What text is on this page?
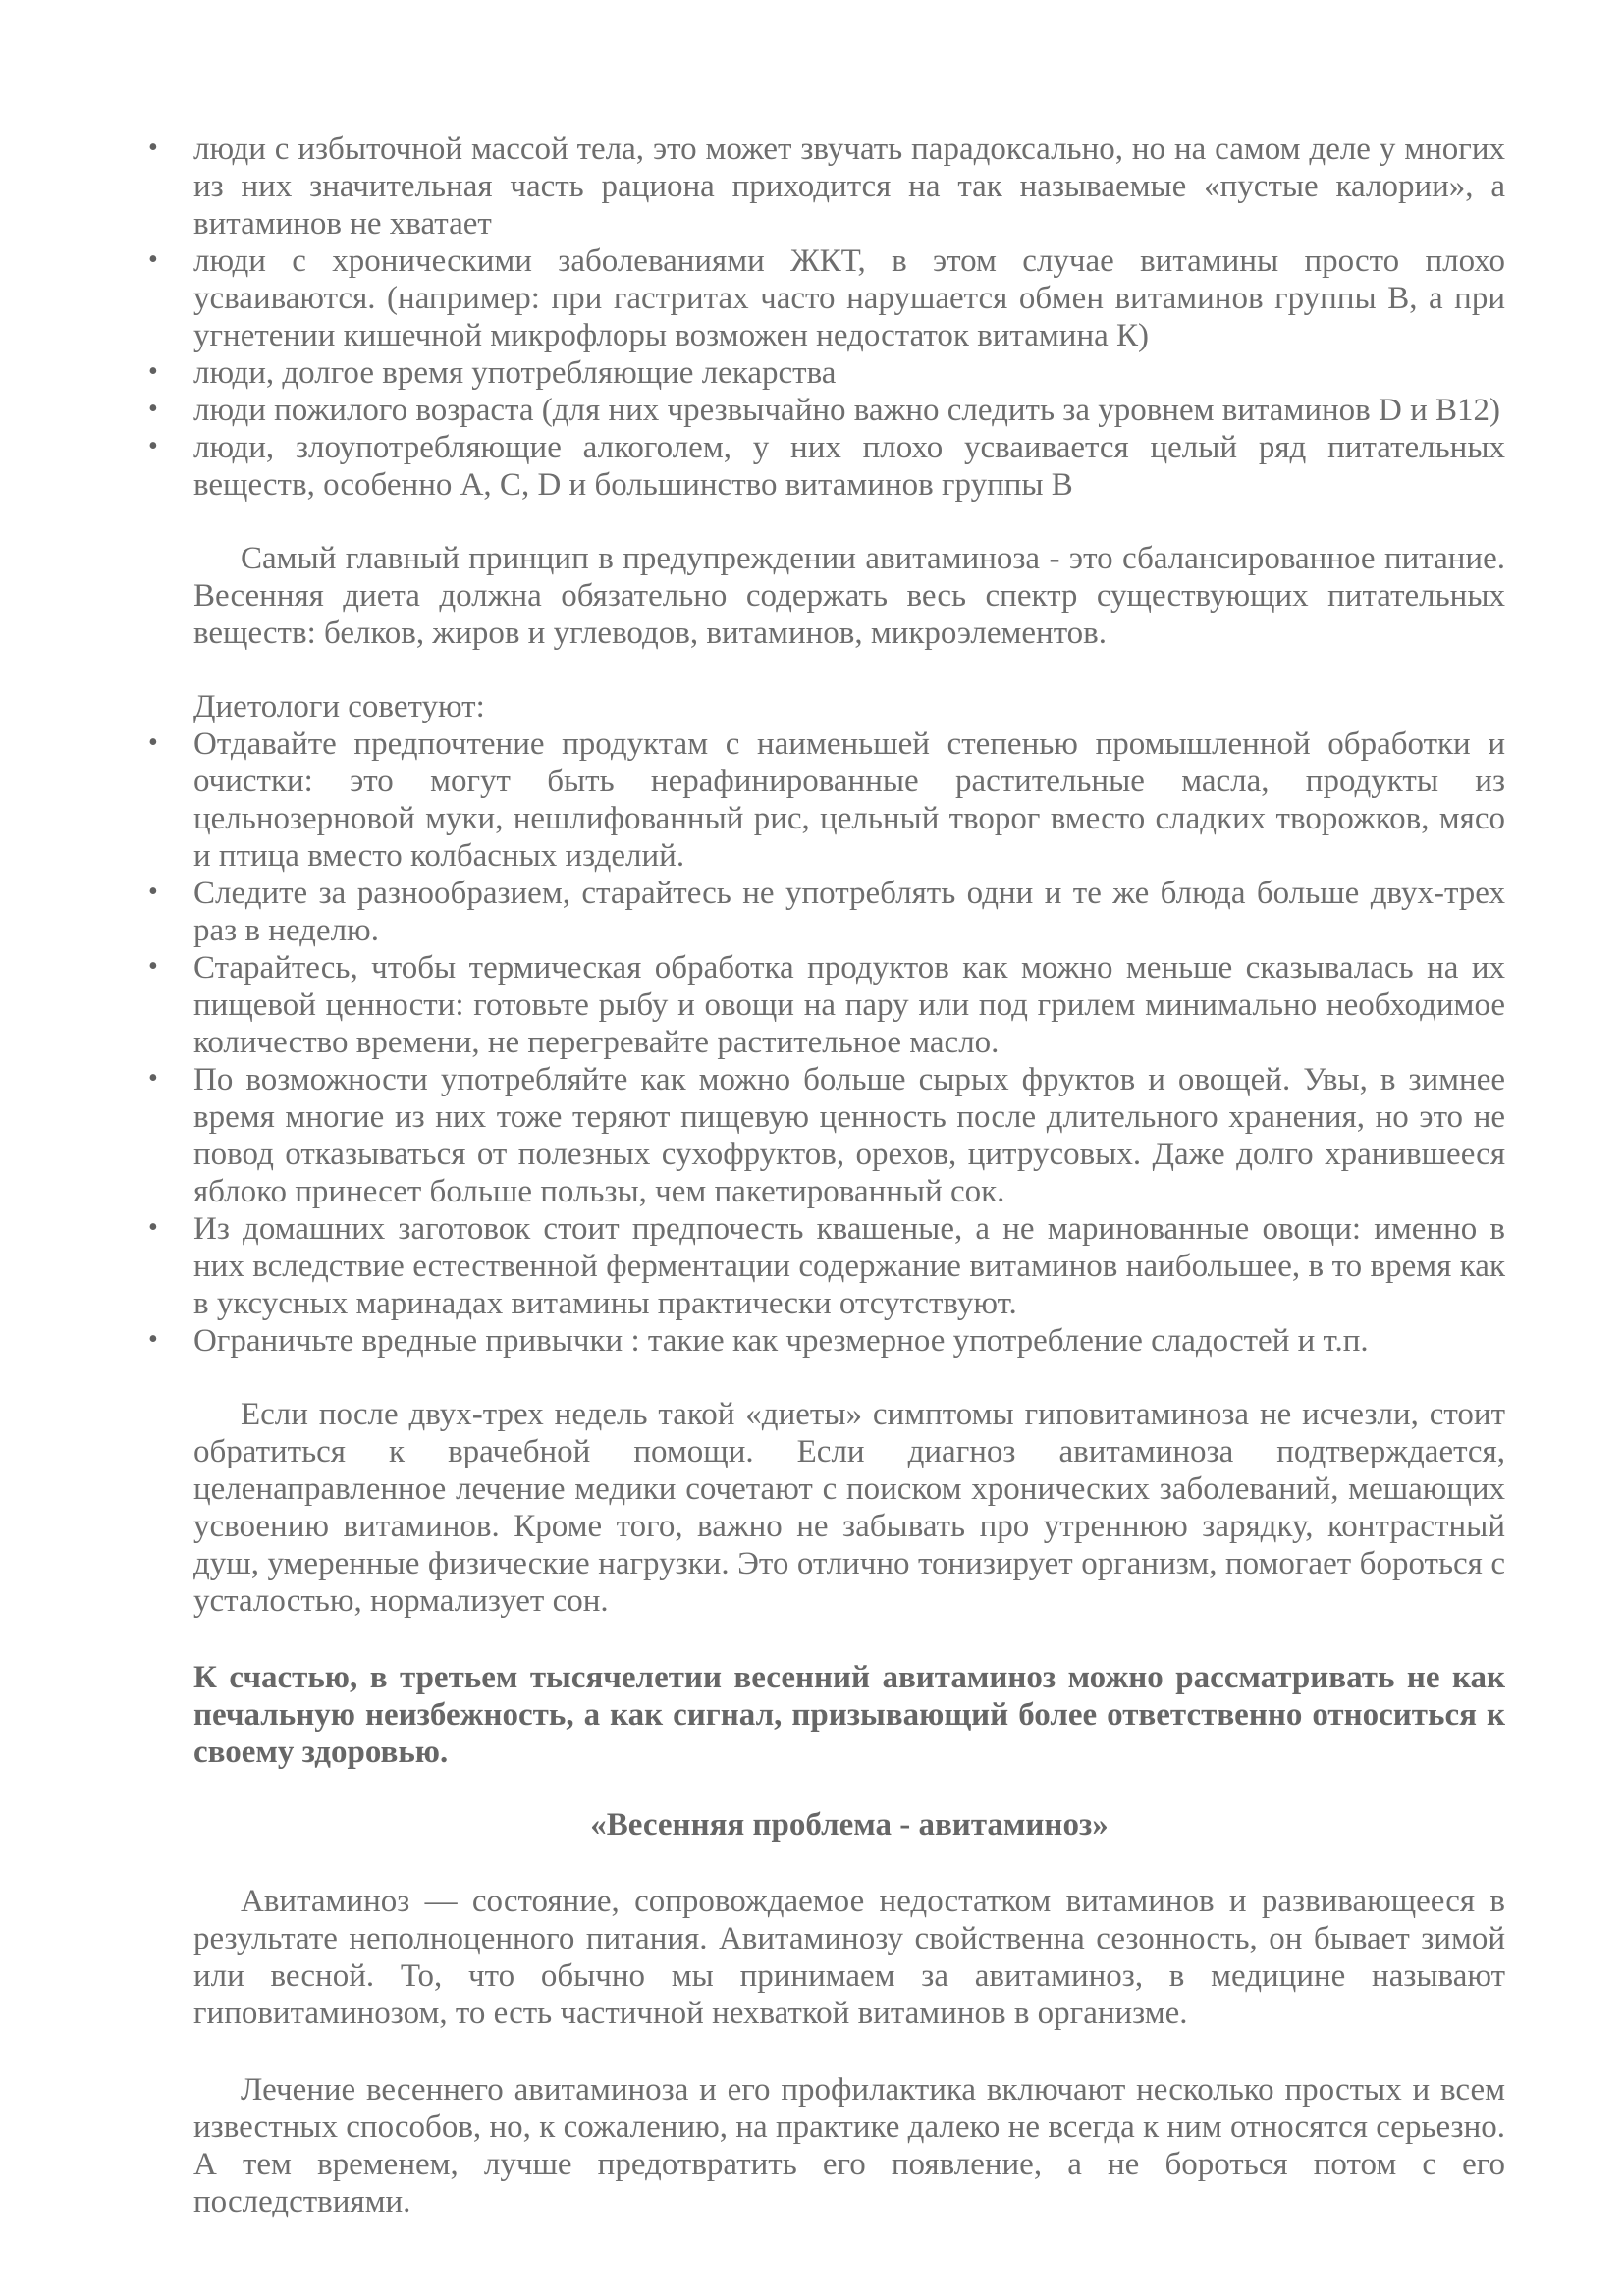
• люди с избыточной массой тела, это может звучать парадоксально, но на самом деле у многих из них значительная часть рациона приходится на так называемые «пустые калории», а витаминов не хватает
• люди с хроническими заболеваниями ЖКТ, в этом случае витамины просто плохо усваиваются. (например: при гастритах часто нарушается обмен витаминов группы В, а при угнетении кишечной микрофлоры возможен недостаток витамина К)
• люди, долгое время употребляющие лекарства
• люди пожилого возраста (для них чрезвычайно важно следить за уровнем витаминов D и В12)
• люди, злоупотребляющие алкоголем, у них плохо усваивается целый ряд питательных веществ, особенно А, С, D и большинство витаминов группы В

Самый главный принцип в предупреждении авитаминоза - это сбалансированное питание. Весенняя диета должна обязательно содержать весь спектр существующих питательных веществ: белков, жиров и углеводов, витаминов, микроэлементов.

Диетологи советуют:

• Отдавайте предпочтение продуктам с наименьшей степенью промышленной обработки и очистки: это могут быть нерафинированные растительные масла, продукты из цельнозерновой муки, нешлифованный рис, цельный творог вместо сладких творожков, мясо и птица вместо колбасных изделий.
• Следите за разнообразием, старайтесь не употреблять одни и те же блюда больше двух-трех раз в неделю.
• Старайтесь, чтобы термическая обработка продуктов как можно меньше сказывалась на их пищевой ценности: готовьте рыбу и овощи на пару или под грилем минимально необходимое количество времени, не перегревайте растительное масло.
• По возможности употребляйте как можно больше сырых фруктов и овощей. Увы, в зимнее время многие из них тоже теряют пищевую ценность после длительного хранения, но это не повод отказываться от полезных сухофруктов, орехов, цитрусовых. Даже долго хранившееся яблоко принесет больше пользы, чем пакетированный сок.
• Из домашних заготовок стоит предпочесть квашеные, а не маринованные овощи: именно в них вследствие естественной ферментации содержание витаминов наибольшее, в то время как в уксусных маринадах витамины практически отсутствуют.
• Ограничьте вредные привычки : такие как чрезмерное употребление сладостей и т.п.

Если после двух-трех недель такой «диеты» симптомы гиповитаминоза не исчезли, стоит обратиться к врачебной помощи. Если диагноз авитаминоза подтверждается, целенаправленное лечение медики сочетают с поиском хронических заболеваний, мешающих усвоению витаминов. Кроме того, важно не забывать про утреннюю зарядку, контрастный душ, умеренные физические нагрузки. Это отлично тонизирует организм, помогает бороться с усталостью, нормализует сон.

К счастью, в третьем тысячелетии весенний авитаминоз можно рассматривать не как печальную неизбежность, а как сигнал, призывающий более ответственно относиться к своему здоровью.

«Весенняя проблема - авитаминоз»

Авитаминоз — состояние, сопровождаемое недостатком витаминов и развивающееся в результате неполноценного питания. Авитаминозу свойственна сезонность, он бывает зимой или весной. То, что обычно мы принимаем за авитаминоз, в медицине называют гиповитаминозом, то есть частичной нехваткой витаминов в организме.

Лечение весеннего авитаминоза и его профилактика включают несколько простых и всем известных способов, но, к сожалению, на практике далеко не всегда к ним относятся серьезно. А тем временем, лучше предотвратить его появление, а не бороться потом с его последствиями.
